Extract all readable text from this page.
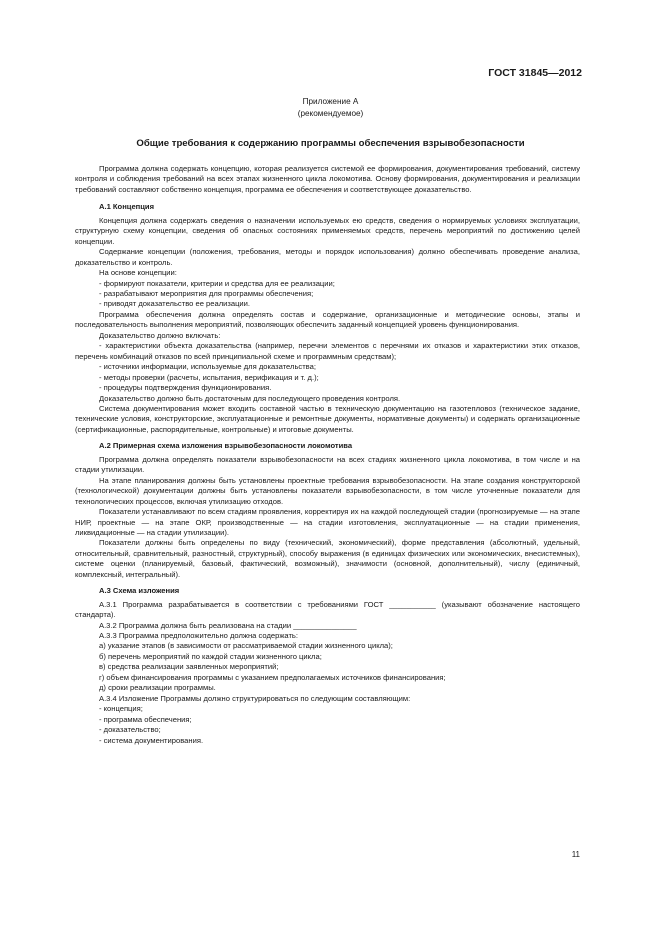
ГОСТ 31845—2012
Приложение А
(рекомендуемое)
Общие требования к содержанию программы обеспечения взрывобезопасности

Программа должна содержать концепцию, которая реализуется системой ее формирования, документирования требований, систему контроля и соблюдения требований на всех этапах жизненного цикла локомотива. Основу формирования, документирования и реализации требований составляют собственно концепция, программа ее обеспечения и соответствующее доказательство.

А.1 Концепция

Концепция должна содержать сведения о назначении используемых ею средств, сведения о нормируемых условиях эксплуатации, структурную схему концепции, сведения об опасных состояниях применяемых средств, перечень мероприятий по достижению целей концепции.

Содержание концепции (положения, требования, методы и порядок использования) должно обеспечивать проведение анализа, доказательство и контроль.

На основе концепции:

- формируют показатели, критерии и средства для ее реализации;

- разрабатывают мероприятия для программы обеспечения;

- приводят доказательство ее реализации.

Программа обеспечения должна определять состав и содержание, организационные и методические основы, этапы и последовательность выполнения мероприятий, позволяющих обеспечить заданный концепцией уровень функционирования.

Доказательство должно включать:

- характеристики объекта доказательства (например, перечни элементов с перечнями их отказов и характеристики этих отказов, перечень комбинаций отказов по всей принципиальной схеме и программным средствам);

- источники информации, используемые для доказательства;

- методы проверки (расчеты, испытания, верификация и т. д.);

- процедуры подтверждения функционирования.

Доказательство должно быть достаточным для последующего проведения контроля.

Система документирования может входить составной частью в техническую документацию на газотепловоз (техническое задание, технические условия, конструкторские, эксплуатационные и ремонтные документы, нормативные документы) и содержать организационные (сертификационные, распорядительные, контрольные) и итоговые документы.

А.2 Примерная схема изложения взрывобезопасности локомотива

Программа должна определять показатели взрывобезопасности на всех стадиях жизненного цикла локомотива, в том числе и на стадии утилизации.

На этапе планирования должны быть установлены проектные требования взрывобезопасности. На этапе создания конструкторской (технологической) документации должны быть установлены показатели взрывобезопасности, в том числе уточненные показатели для технологических процессов, включая утилизацию отходов.

Показатели устанавливают по всем стадиям проявления, корректируя их на каждой последующей стадии (прогнозируемые — на этапе НИР, проектные — на этапе ОКР, производственные — на стадии изготовления, эксплуатационные — на стадии применения, ликвидационные — на стадии утилизации).

Показатели должны быть определены по виду (технический, экономический), форме представления (абсолютный, удельный, относительный, сравнительный, разностный, структурный), способу выражения (в единицах физических или экономических, внесистемных), системе оценки (планируемый, базовый, фактический, возможный), значимости (основной, дополнительный), числу (единичный, комплексный, интегральный).

А.3 Схема изложения

А.3.1 Программа разрабатывается в соответствии с требованиями ГОСТ ___________ (указывают обозначение настоящего стандарта).

А.3.2 Программа должна быть реализована на стадии _______________

А.3.3 Программа предположительно должна содержать:

а) указание этапов (в зависимости от рассматриваемой стадии жизненного цикла);

б) перечень мероприятий по каждой стадии жизненного цикла;

в) средства реализации заявленных мероприятий;

г) объем финансирования программы с указанием предполагаемых источников финансирования;

д) сроки реализации программы.

А.3.4 Изложение Программы должно структурироваться по следующим составляющим:

- концепция;

- программа обеспечения;

- доказательство;

- система документирования.

11
